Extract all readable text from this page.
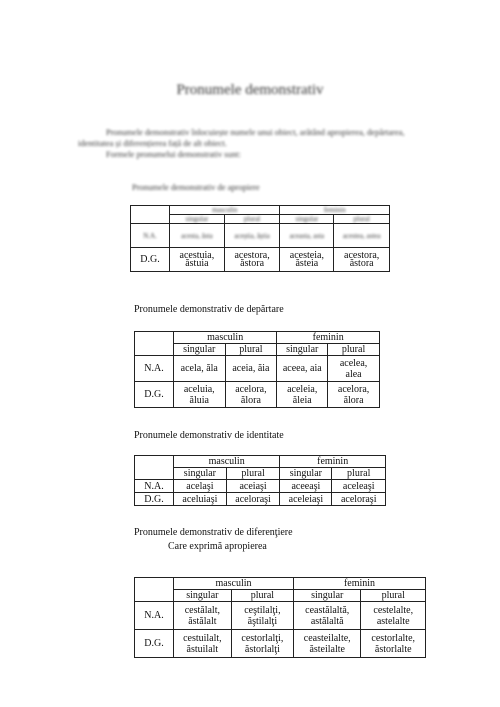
Pronumele demonstrativ

Pronumele demonstrativ înlocuiește numele unui obiect, arătând apropierea, depărtarea, identitatea și diferențierea față de alt obiect.

Formele pronumelui demonstrativ sunt:

Pronumele demonstrativ de apropiere
	masculin		feminin	
	singular	plural	singular	plural
N.A.	acesta, ăsta	aceștia, ăștia	aceasta, asta	acestea, astea
D.G.	acestuia, ăstuia	acestora, ăstora	acesteia, ăsteia	acestora, ăstora
Pronumele demonstrativ de depărtare
	masculin		feminin	
	singular	plural	singular	plural
N.A.	acela, ăla	aceia, ăia	aceea, aia	acelea, alea
D.G.	aceluia, ăluia	acelora, ălora	aceleia, ăleia	acelora, ălora
Pronumele demonstrativ de identitate
	masculin		feminin	
	singular	plural	singular	plural
N.A.	acelaşi	aceiaşi	aceeaşi	aceleaşi
D.G.	aceluiaşi	aceloraşi	aceleiaşi	aceloraşi
Pronumele demonstrativ de diferenţiere
Care exprimă apropierea
	masculin		feminin	
	singular	plural	singular	plural
N.A.	cestălalt, ăstălalt	ceştilalţi, ăştilalţi	ceastălaltă, astălaltă	cestelalte, astelalte
D.G.	cestuilalt, ăstuilalt	cestorlalţi, ăstorlalţi	ceasteilalte, ăsteilalte	cestorlalte, ăstorlalte
